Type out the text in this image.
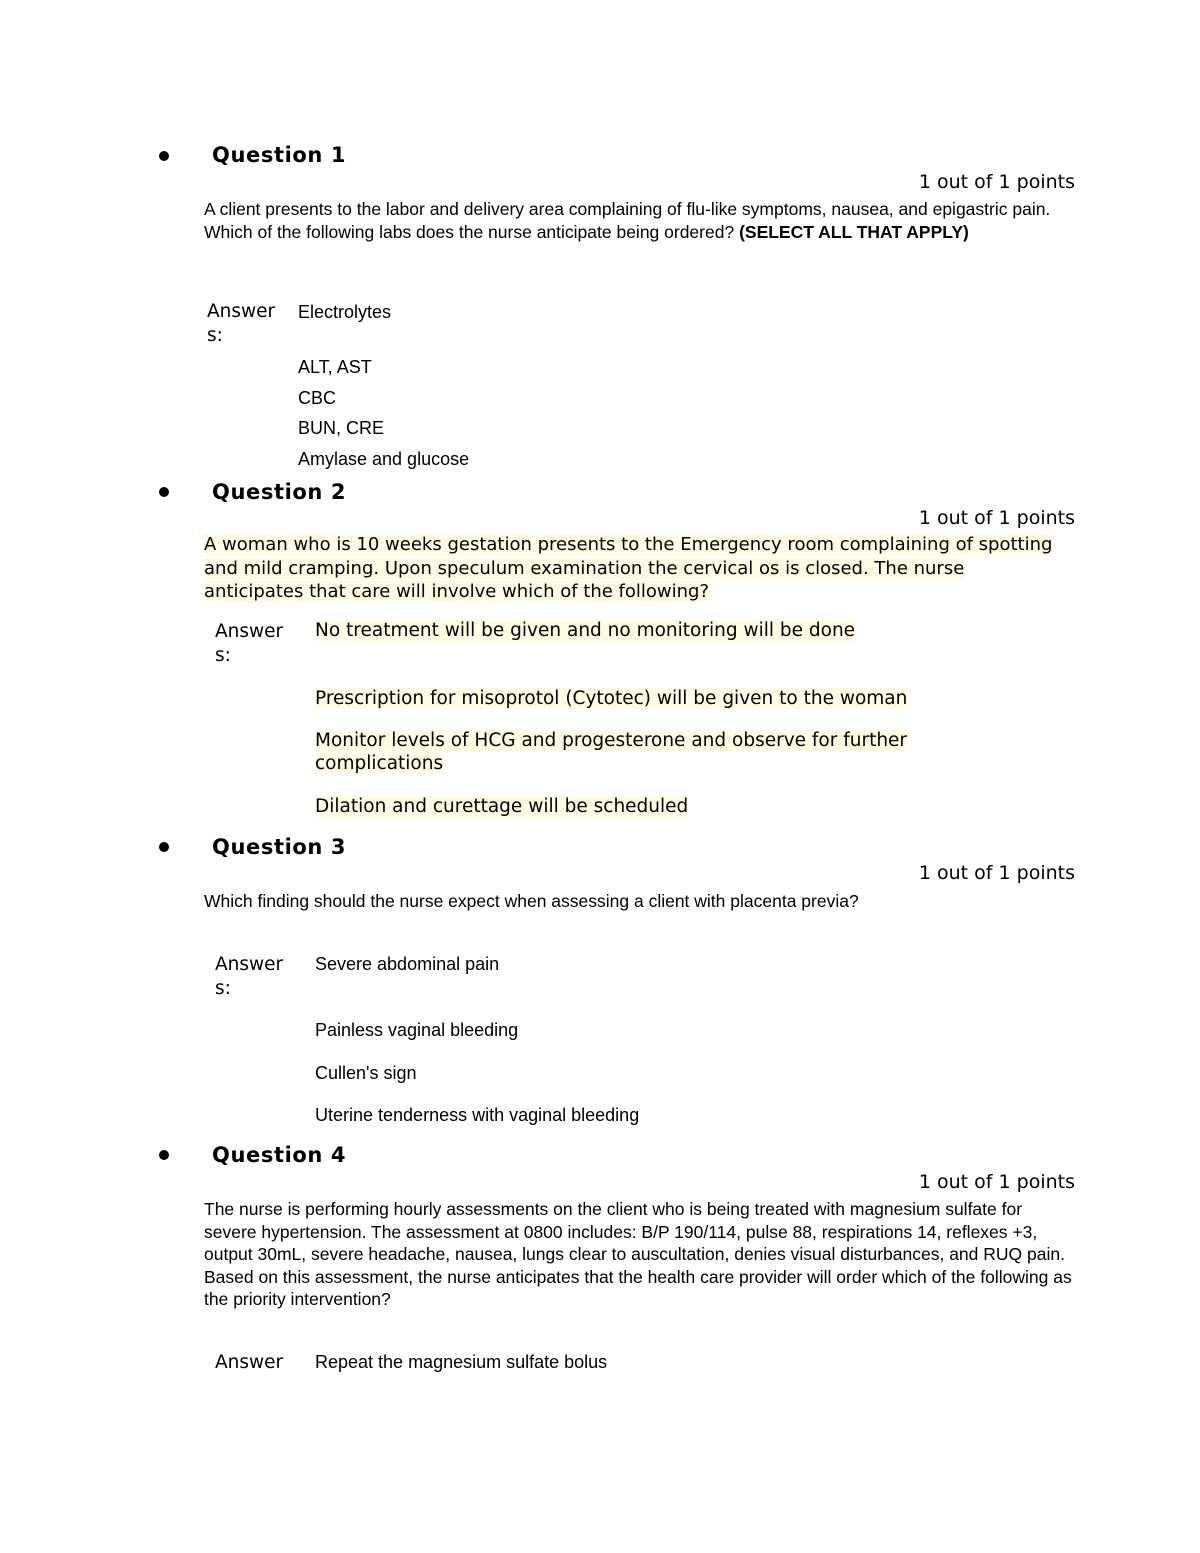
Question 1
1 out of 1 points
A client presents to the labor and delivery area complaining of flu-like symptoms, nausea, and epigastric pain. Which of the following labs does the nurse anticipate being ordered? (SELECT ALL THAT APPLY)
Answer s:
Electrolytes
ALT, AST
CBC
BUN, CRE
Amylase and glucose
Question 2
1 out of 1 points
A woman who is 10 weeks gestation presents to the Emergency room complaining of spotting and mild cramping. Upon speculum examination the cervical os is closed. The nurse anticipates that care will involve which of the following?
Answer s:
No treatment will be given and no monitoring will be done
Prescription for misoprotol (Cytotec) will be given to the woman
Monitor levels of HCG and progesterone and observe for further complications
Dilation and curettage will be scheduled
Question 3
1 out of 1 points
Which finding should the nurse expect when assessing a client with placenta previa?
Answer s:
Severe abdominal pain
Painless vaginal bleeding
Cullen's sign
Uterine tenderness with vaginal bleeding
Question 4
1 out of 1 points
The nurse is performing hourly assessments on the client who is being treated with magnesium sulfate for severe hypertension. The assessment at 0800 includes: B/P 190/114, pulse 88, respirations 14, reflexes +3, output 30mL, severe headache, nausea, lungs clear to auscultation, denies visual disturbances, and RUQ pain. Based on this assessment, the nurse anticipates that the health care provider will order which of the following as the priority intervention?
Answer	Repeat the magnesium sulfate bolus
